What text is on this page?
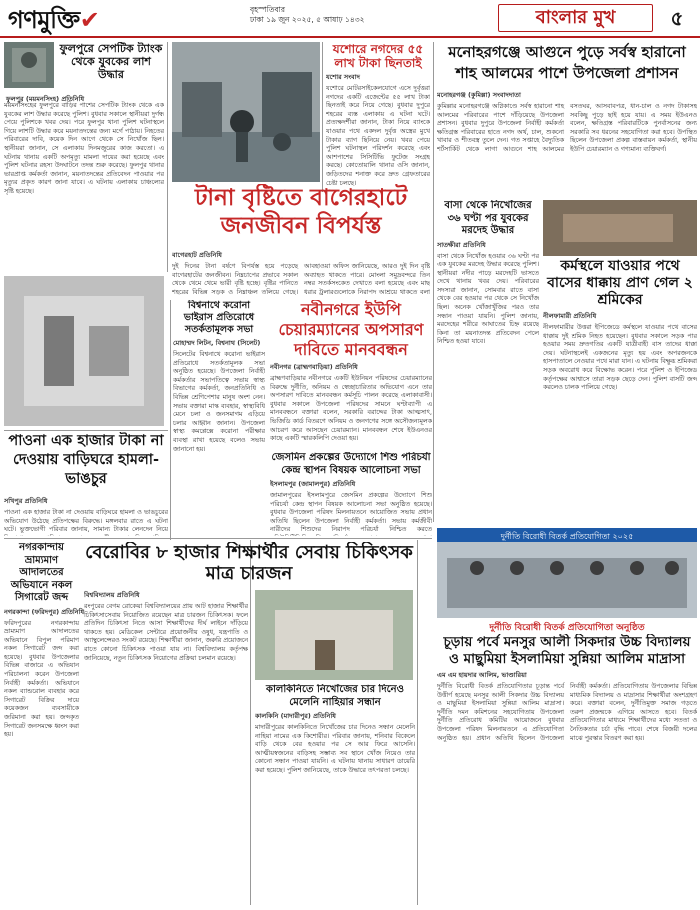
গণমুক্তি✔	বৃহস্পতিবার
ঢাকা ১৯ জুন ২০২৫, ৫ আষাঢ় ১৪৩২	বাংলার মুখ	৫
ফুলপুরে সেপটিক ট্যাংক থেকে যুবকের লাশ উদ্ধার
ফুলপুর (ময়মনসিংহ) প্রতিনিধি
ময়মনসিংহের ফুলপুরে বাড়ির পাশের সেপটিক ট্যাংক থেকে এক যুবকের লাশ উদ্ধার করেছে পুলিশ। বুধবার সকালে স্থানীয়রা দুর্গন্ধ পেয়ে পুলিশকে খবর দেয়। পরে ফুলপুর থানা পুলিশ ঘটনাস্থলে গিয়ে লাশটি উদ্ধার করে ময়নাতদন্তের জন্য মর্গে পাঠায়। নিহতের পরিবারের দাবি, কয়েক দিন আগে থেকে সে নিখোঁজ ছিল। স্থানীয়রা জানান, সে এলাকায় দিনমজুরের কাজ করতো। এ ঘটনায় থানায় একটি অপমৃত্যু মামলা দায়ের করা হয়েছে এবং পুলিশ ঘটনার রহস্য উদঘাটনে তদন্ত শুরু করেছে। ফুলপুর থানার ভারপ্রাপ্ত কর্মকর্তা জানান, ময়নাতদন্তের প্রতিবেদন পাওয়ার পর মৃত্যুর প্রকৃত কারণ জানা যাবে। এ ঘটনায় এলাকায় চাঞ্চল্যের সৃষ্টি হয়েছে।
যশোরে নগদের ৫৫ লাখ টাকা ছিনতাই
যশোর সংবাদ
যশোরে মোটরসাইকেলযোগে এসে দুর্বৃত্তরা নগদের একটি এজেন্টের ৫৫ লাখ টাকা ছিনতাই করে নিয়ে গেছে। বুধবার দুপুরে শহরের ব্যস্ত এলাকায় এ ঘটনা ঘটে। প্রত্যক্ষদর্শীরা জানান, টাকা নিয়ে ব্যাংকে যাওয়ার পথে একদল দুর্বৃত্ত অস্ত্রের মুখে টাকার ব্যাগ ছিনিয়ে নেয়। খবর পেয়ে পুলিশ ঘটনাস্থল পরিদর্শন করেছে এবং আশপাশের সিসিটিভি ফুটেজ সংগ্রহ করছে। কোতোয়ালি থানার ওসি জানান, জড়িতদের শনাক্ত করে দ্রুত গ্রেফতারের চেষ্টা চলছে।
টানা বৃষ্টিতে বাগেরহাটে
জনজীবন বিপর্যস্ত
বাগেরহাট প্রতিনিধি
দুই দিনের টানা বর্ষণে বিপর্যস্ত হয়ে পড়েছে বাগেরহাটের জনজীবন। নিম্নচাপের প্রভাবে সকাল থেকে থেমে থেমে ভারী বৃষ্টি হচ্ছে। বৃষ্টির পানিতে শহরের বিভিন্ন সড়ক ও নিম্নাঞ্চল তলিয়ে গেছে। আবহাওয়া অফিস জানিয়েছে, আরও দুই দিন বৃষ্টি অব্যাহত থাকতে পারে। মোংলা সমুদ্রবন্দরে তিন নম্বর সতর্কসংকেত দেখাতে বলা হয়েছে এবং মাছ ধরার ট্রলারগুলোকে নিরাপদ আশ্রয়ে থাকতে বলা
পাওনা এক হাজার টাকা না দেওয়ায় বাড়িঘরে হামলা-ভাঙচুর
সখিপুর প্রতিনিধি
পাওনা এক হাজার টাকা না দেওয়ায় বাড়িঘরে হামলা ও ভাঙচুরের অভিযোগ উঠেছে প্রতিপক্ষের বিরুদ্ধে। মঙ্গলবার রাতে এ ঘটনা ঘটে। ভুক্তভোগী পরিবার জানায়, সামান্য টাকার লেনদেন নিয়ে
বিশ্বনাথে করোনা ভাইরাস প্রতিরোধে সতর্কতামূলক সভা
মোহাম্মদ লিটন, বিশ্বনাথ (সিলেট)
সিলেটের বিশ্বনাথে করোনা ভাইরাস প্রতিরোধে সতর্কতামূলক সভা অনুষ্ঠিত হয়েছে। উপজেলা নির্বাহী কর্মকর্তার সভাপতিত্বে সভায় স্বাস্থ্য বিভাগের কর্মকর্তা, জনপ্রতিনিধি ও বিভিন্ন শ্রেণিপেশার মানুষ অংশ নেন। সভায় বক্তারা মাস্ক ব্যবহার, স্বাস্থ্যবিধি মেনে চলা ও জনসমাগম এড়িয়ে চলার আহ্বান জানান। উপজেলা স্বাস্থ্য কমপ্লেক্সে করোনা পরীক্ষার ব্যবস্থা রাখা হয়েছে বলেও সভায় জানানো হয়।
নবীনগরে ইউপি চেয়ারম্যানের অপসারণ দাবিতে মানববন্ধন
নবীনগর (ব্রাহ্মণবাড়িয়া) প্রতিনিধি
ব্রাহ্মণবাড়িয়ার নবীনগরে একটি ইউনিয়ন পরিষদের চেয়ারম্যানের বিরুদ্ধে দুর্নীতি, অনিয়ম ও স্বেচ্ছাচারিতার অভিযোগ এনে তার অপসারণ দাবিতে মানববন্ধন কর্মসূচি পালন করেছে এলাকাবাসী। বুধবার সকালে উপজেলা পরিষদের সামনে ঘণ্টাব্যাপী এ মানববন্ধনে বক্তারা বলেন, সরকারি বরাদ্দের টাকা আত্মসাৎ, ভিজিডি কার্ড বিতরণে অনিয়ম ও জনগণের সঙ্গে অসৌজন্যমূলক আচরণ করে আসছেন চেয়ারম্যান। মানববন্ধন শেষে ইউএনওর কাছে একটি স্মারকলিপি দেওয়া হয়।
জেসমিন প্রকল্পের উদ্যোগে শিশু পরিচর্যা কেন্দ্র স্থাপন বিষয়ক আলোচনা সভা
ইসলামপুর (জামালপুর) প্রতিনিধি
জামালপুরের ইসলামপুরে জেসমিন প্রকল্পের উদ্যোগে শিশু পরিচর্যা কেন্দ্র স্থাপন বিষয়ক আলোচনা সভা অনুষ্ঠিত হয়েছে। বুধবার উপজেলা পরিষদ মিলনায়তনে আয়োজিত সভায় প্রধান অতিথি ছিলেন উপজেলা নির্বাহী কর্মকর্তা। সভায় কর্মজীবী নারীদের শিশুদের নিরাপদ পরিচর্যা নিশ্চিত করতে
মনোহরগঞ্জে আগুনে পুড়ে সর্বস্ব হারানো
শাহ আলমের পাশে উপজেলা প্রশাসন
মনোহরগঞ্জ (কুমিল্লা) সংবাদদাতা
কুমিল্লার মনোহরগঞ্জে অগ্নিকাণ্ডে সর্বস্ব হারানো শাহ আলমের পরিবারের পাশে দাঁড়িয়েছে উপজেলা প্রশাসন। বুধবার দুপুরে উপজেলা নির্বাহী কর্মকর্তা ক্ষতিগ্রস্ত পরিবারের হাতে নগদ অর্থ, চাল, শুকনো খাবার ও শীতবস্ত্র তুলে দেন। গত সপ্তাহে বৈদ্যুতিক শর্টসার্কিট থেকে লাগা আগুনে শাহ আলমের বসতঘর, আসবাবপত্র, ধান-চাল ও নগদ টাকাসহ সবকিছু পুড়ে ছাই হয়ে যায়। এ সময় ইউএনও বলেন, ক্ষতিগ্রস্ত পরিবারটিকে পুনর্বাসনের জন্য সরকারি সব ধরনের সহযোগিতা করা হবে। উপস্থিত ছিলেন উপজেলা প্রকল্প বাস্তবায়ন কর্মকর্তা, স্থানীয় ইউপি চেয়ারম্যান ও গণ্যমান্য ব্যক্তিবর্গ।
বাসা থেকে নিখোঁজের ৩৬ ঘণ্টা পর যুবকের মরদেহ উদ্ধার
সাতক্ষীরা প্রতিনিধি
বাসা থেকে নিখোঁজ হওয়ার ৩৬ ঘণ্টা পর এক যুবকের মরদেহ উদ্ধার করেছে পুলিশ। স্থানীয়রা নদীর পাড়ে মরদেহটি ভাসতে দেখে থানায় খবর দেয়। পরিবারের সদস্যরা জানান, সোমবার রাতে বাসা থেকে বের হওয়ার পর থেকে সে নিখোঁজ ছিল। অনেক খোঁজাখুঁজির পরও তার সন্ধান পাওয়া যায়নি। পুলিশ জানায়, মরদেহের শরীরে আঘাতের চিহ্ন রয়েছে কিনা তা ময়নাতদন্ত প্রতিবেদন পেলে নিশ্চিত হওয়া যাবে।
কর্মস্থলে যাওয়ার পথে বাসের ধাক্কায় প্রাণ গেল ২ শ্রমিকের
নীলফামারী প্রতিনিধি
নীলফামারীর উত্তরা ইপিজেডে কর্মস্থলে যাওয়ার পথে বাসের ধাক্কায় দুই শ্রমিক নিহত হয়েছেন। বুধবার সকালে সড়ক পার হওয়ার সময় দ্রুতগতির একটি যাত্রীবাহী বাস তাদের ধাক্কা দেয়। ঘটনাস্থলেই একজনের মৃত্যু হয় এবং অপরজনকে হাসপাতালে নেওয়ার পথে মারা যান। এ ঘটনায় বিক্ষুব্ধ শ্রমিকরা সড়ক অবরোধ করে বিক্ষোভ করেন। পরে পুলিশ ও ইপিজেড কর্তৃপক্ষের আশ্বাসে তারা সড়ক ছেড়ে দেন। পুলিশ বাসটি জব্দ করলেও চালক পালিয়ে গেছে।
দুর্নীতি বিরোধী বিতর্ক প্রতিযোগিতা ২০২৫
দুর্নীতি বিরোধী বিতর্ক প্রতিযোগিতা অনুষ্ঠিত
চূড়ায় পর্বে মনসুর আলী সিকদার উচ্চ বিদ্যালয় ও মাছুমিয়া ইসলামিয়া সুন্নিয়া আলিম মাদ্রাসা
এম এম হায়দার আলিম, ভাণ্ডারিয়া
দুর্নীতি বিরোধী বিতর্ক প্রতিযোগিতার চূড়ান্ত পর্বে উত্তীর্ণ হয়েছে মনসুর আলী সিকদার উচ্চ বিদ্যালয় ও মাছুমিয়া ইসলামিয়া সুন্নিয়া আলিম মাদ্রাসা। দুর্নীতি দমন কমিশনের সহযোগিতায় উপজেলা দুর্নীতি প্রতিরোধ কমিটির আয়োজনে বুধবার উপজেলা পরিষদ মিলনায়তনে এ প্রতিযোগিতা অনুষ্ঠিত হয়। প্রধান অতিথি ছিলেন উপজেলা নির্বাহী কর্মকর্তা। প্রতিযোগিতায় উপজেলার বিভিন্ন মাধ্যমিক বিদ্যালয় ও মাদ্রাসার শিক্ষার্থীরা অংশগ্রহণ করে। বক্তারা বলেন, দুর্নীতিমুক্ত সমাজ গড়তে তরুণ প্রজন্মকে এগিয়ে আসতে হবে। বিতর্ক প্রতিযোগিতার মাধ্যমে শিক্ষার্থীদের মধ্যে সততা ও নৈতিকতার চর্চা বৃদ্ধি পাবে। শেষে বিজয়ী দলের মাঝে পুরস্কার বিতরণ করা হয়।
নগরকান্দায় ভ্রাম্যমাণ আদালতের অভিযানে নকল সিগারেট জব্দ
নগরকান্দা (ফরিদপুর) প্রতিনিধি
ফরিদপুরের নগরকান্দায় ভ্রাম্যমাণ আদালতের অভিযানে বিপুল পরিমাণ নকল সিগারেট জব্দ করা হয়েছে। বুধবার উপজেলার বিভিন্ন বাজারে এ অভিযান পরিচালনা করেন উপজেলা নির্বাহী কর্মকর্তা। অভিযানে নকল ব্যান্ডরোল ব্যবহার করে সিগারেট বিক্রির দায়ে কয়েকজন ব্যবসায়ীকে জরিমানা করা হয়। জব্দকৃত সিগারেট জনসমক্ষে ধ্বংস করা হয়।
বেরোবির ৮ হাজার শিক্ষার্থীর সেবায় চিকিৎসক মাত্র চারজন
বিশ্ববিদ্যালয় প্রতিনিধি
রংপুরের বেগম রোকেয়া বিশ্ববিদ্যালয়ের প্রায় আট হাজার শিক্ষার্থীর চিকিৎসাসেবায় নিয়োজিত রয়েছেন মাত্র চারজন চিকিৎসক। ফলে প্রতিদিন চিকিৎসা নিতে আসা শিক্ষার্থীদের দীর্ঘ লাইনে দাঁড়িয়ে থাকতে হয়। মেডিকেল সেন্টারে প্রয়োজনীয় ওষুধ, যন্ত্রপাতি ও অ্যাম্বুলেন্সেরও সংকট রয়েছে। শিক্ষার্থীরা জানান, জরুরি প্রয়োজনে রাতে কোনো চিকিৎসক পাওয়া যায় না। বিশ্ববিদ্যালয় কর্তৃপক্ষ জানিয়েছে, নতুন চিকিৎসক নিয়োগের প্রক্রিয়া চলমান রয়েছে।
কালকিনিতে নিখোঁজের চার দিনেও মেলেনি নাহিয়ার সন্ধান
কালকিনি (মাদারীপুর) প্রতিনিধি
মাদারীপুরের কালকিনিতে নিখোঁজের চার দিনেও সন্ধান মেলেনি নাহিয়া নামের এক কিশোরীর। পরিবার জানায়, শনিবার বিকেলে বাড়ি থেকে বের হওয়ার পর সে আর ফিরে আসেনি। আত্মীয়স্বজনের বাড়িসহ সম্ভাব্য সব স্থানে খোঁজ নিয়েও তার কোনো সন্ধান পাওয়া যায়নি। এ ঘটনায় থানায় সাধারণ ডায়েরি করা হয়েছে। পুলিশ জানিয়েছে, তাকে উদ্ধারে তৎপরতা চলছে।
